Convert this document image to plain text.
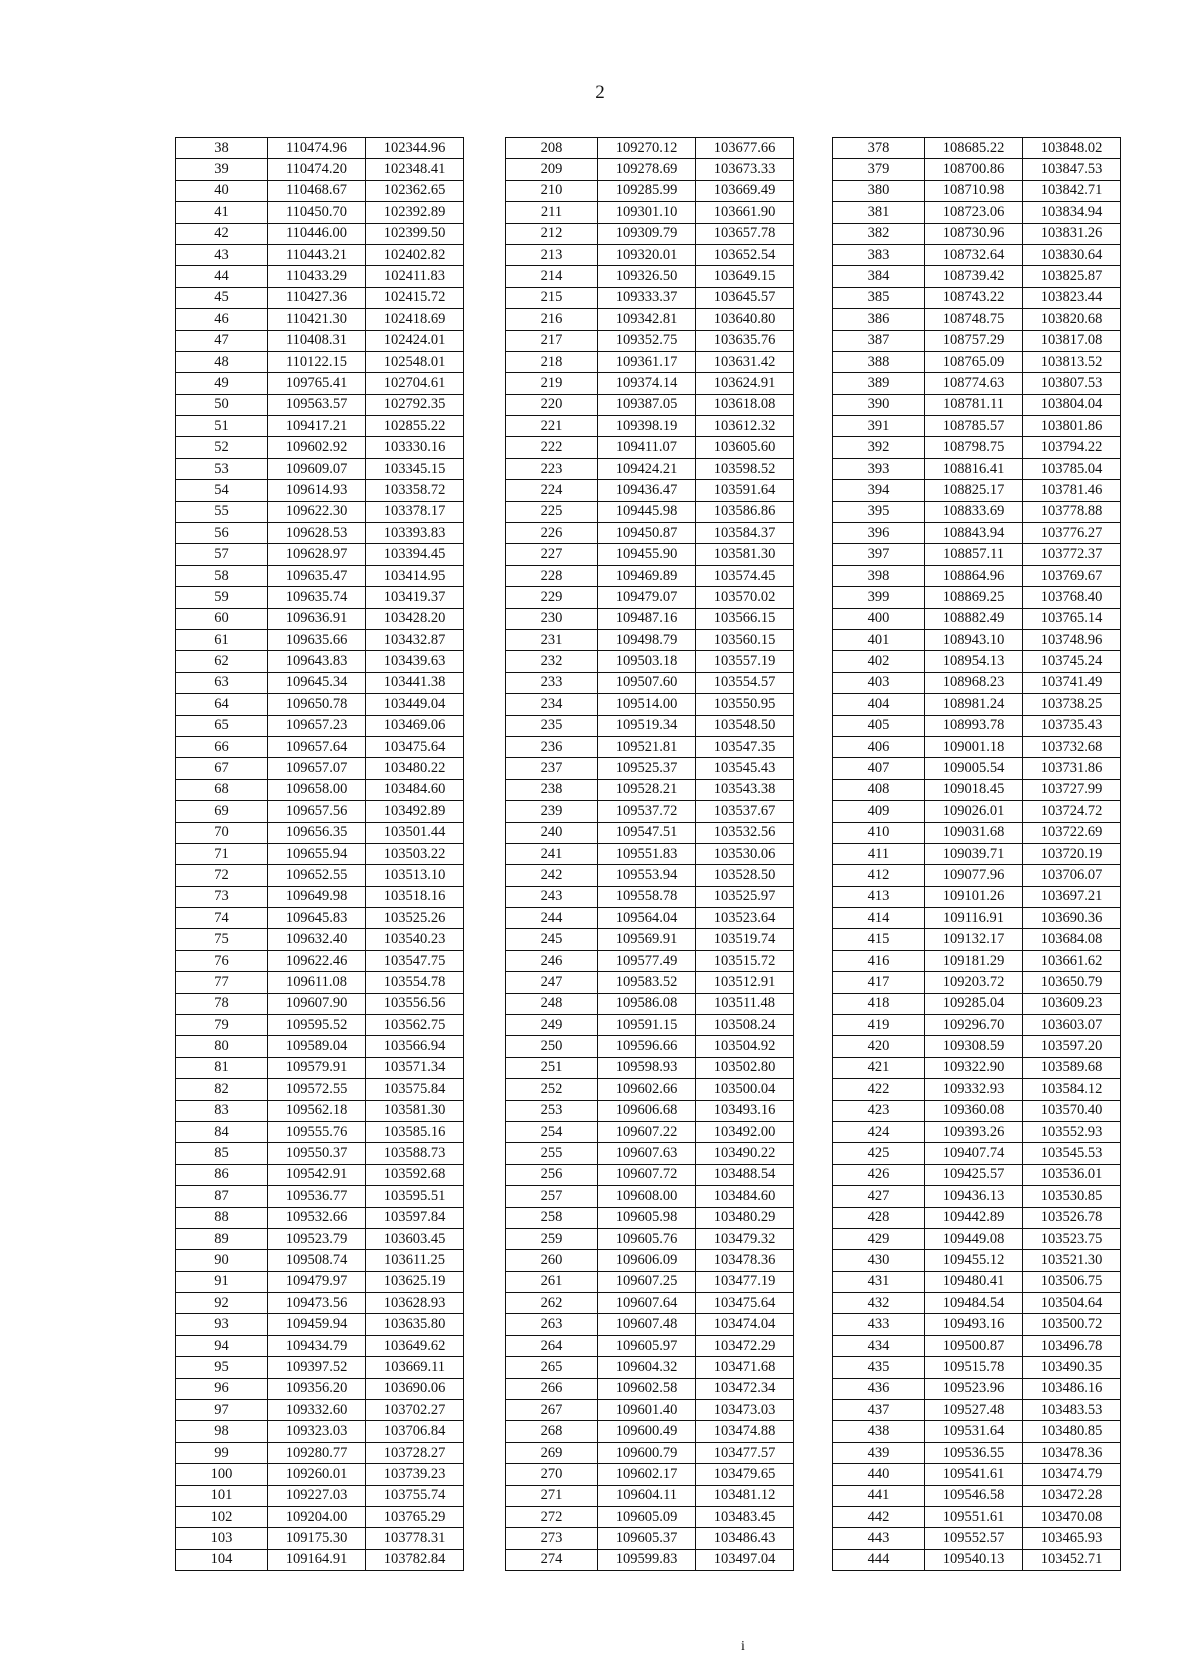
2
38	110474.96	102344.96
39	110474.20	102348.41
40	110468.67	102362.65
41	110450.70	102392.89
42	110446.00	102399.50
43	110443.21	102402.82
44	110433.29	102411.83
45	110427.36	102415.72
46	110421.30	102418.69
47	110408.31	102424.01
48	110122.15	102548.01
49	109765.41	102704.61
50	109563.57	102792.35
51	109417.21	102855.22
52	109602.92	103330.16
53	109609.07	103345.15
54	109614.93	103358.72
55	109622.30	103378.17
56	109628.53	103393.83
57	109628.97	103394.45
58	109635.47	103414.95
59	109635.74	103419.37
60	109636.91	103428.20
61	109635.66	103432.87
62	109643.83	103439.63
63	109645.34	103441.38
64	109650.78	103449.04
65	109657.23	103469.06
66	109657.64	103475.64
67	109657.07	103480.22
68	109658.00	103484.60
69	109657.56	103492.89
70	109656.35	103501.44
71	109655.94	103503.22
72	109652.55	103513.10
73	109649.98	103518.16
74	109645.83	103525.26
75	109632.40	103540.23
76	109622.46	103547.75
77	109611.08	103554.78
78	109607.90	103556.56
79	109595.52	103562.75
80	109589.04	103566.94
81	109579.91	103571.34
82	109572.55	103575.84
83	109562.18	103581.30
84	109555.76	103585.16
85	109550.37	103588.73
86	109542.91	103592.68
87	109536.77	103595.51
88	109532.66	103597.84
89	109523.79	103603.45
90	109508.74	103611.25
91	109479.97	103625.19
92	109473.56	103628.93
93	109459.94	103635.80
94	109434.79	103649.62
95	109397.52	103669.11
96	109356.20	103690.06
97	109332.60	103702.27
98	109323.03	103706.84
99	109280.77	103728.27
100	109260.01	103739.23
101	109227.03	103755.74
102	109204.00	103765.29
103	109175.30	103778.31
104	109164.91	103782.84
208	109270.12	103677.66
209	109278.69	103673.33
210	109285.99	103669.49
211	109301.10	103661.90
212	109309.79	103657.78
213	109320.01	103652.54
214	109326.50	103649.15
215	109333.37	103645.57
216	109342.81	103640.80
217	109352.75	103635.76
218	109361.17	103631.42
219	109374.14	103624.91
220	109387.05	103618.08
221	109398.19	103612.32
222	109411.07	103605.60
223	109424.21	103598.52
224	109436.47	103591.64
225	109445.98	103586.86
226	109450.87	103584.37
227	109455.90	103581.30
228	109469.89	103574.45
229	109479.07	103570.02
230	109487.16	103566.15
231	109498.79	103560.15
232	109503.18	103557.19
233	109507.60	103554.57
234	109514.00	103550.95
235	109519.34	103548.50
236	109521.81	103547.35
237	109525.37	103545.43
238	109528.21	103543.38
239	109537.72	103537.67
240	109547.51	103532.56
241	109551.83	103530.06
242	109553.94	103528.50
243	109558.78	103525.97
244	109564.04	103523.64
245	109569.91	103519.74
246	109577.49	103515.72
247	109583.52	103512.91
248	109586.08	103511.48
249	109591.15	103508.24
250	109596.66	103504.92
251	109598.93	103502.80
252	109602.66	103500.04
253	109606.68	103493.16
254	109607.22	103492.00
255	109607.63	103490.22
256	109607.72	103488.54
257	109608.00	103484.60
258	109605.98	103480.29
259	109605.76	103479.32
260	109606.09	103478.36
261	109607.25	103477.19
262	109607.64	103475.64
263	109607.48	103474.04
264	109605.97	103472.29
265	109604.32	103471.68
266	109602.58	103472.34
267	109601.40	103473.03
268	109600.49	103474.88
269	109600.79	103477.57
270	109602.17	103479.65
271	109604.11	103481.12
272	109605.09	103483.45
273	109605.37	103486.43
274	109599.83	103497.04
378	108685.22	103848.02
379	108700.86	103847.53
380	108710.98	103842.71
381	108723.06	103834.94
382	108730.96	103831.26
383	108732.64	103830.64
384	108739.42	103825.87
385	108743.22	103823.44
386	108748.75	103820.68
387	108757.29	103817.08
388	108765.09	103813.52
389	108774.63	103807.53
390	108781.11	103804.04
391	108785.57	103801.86
392	108798.75	103794.22
393	108816.41	103785.04
394	108825.17	103781.46
395	108833.69	103778.88
396	108843.94	103776.27
397	108857.11	103772.37
398	108864.96	103769.67
399	108869.25	103768.40
400	108882.49	103765.14
401	108943.10	103748.96
402	108954.13	103745.24
403	108968.23	103741.49
404	108981.24	103738.25
405	108993.78	103735.43
406	109001.18	103732.68
407	109005.54	103731.86
408	109018.45	103727.99
409	109026.01	103724.72
410	109031.68	103722.69
411	109039.71	103720.19
412	109077.96	103706.07
413	109101.26	103697.21
414	109116.91	103690.36
415	109132.17	103684.08
416	109181.29	103661.62
417	109203.72	103650.79
418	109285.04	103609.23
419	109296.70	103603.07
420	109308.59	103597.20
421	109322.90	103589.68
422	109332.93	103584.12
423	109360.08	103570.40
424	109393.26	103552.93
425	109407.74	103545.53
426	109425.57	103536.01
427	109436.13	103530.85
428	109442.89	103526.78
429	109449.08	103523.75
430	109455.12	103521.30
431	109480.41	103506.75
432	109484.54	103504.64
433	109493.16	103500.72
434	109500.87	103496.78
435	109515.78	103490.35
436	109523.96	103486.16
437	109527.48	103483.53
438	109531.64	103480.85
439	109536.55	103478.36
440	109541.61	103474.79
441	109546.58	103472.28
442	109551.61	103470.08
443	109552.57	103465.93
444	109540.13	103452.71
i
